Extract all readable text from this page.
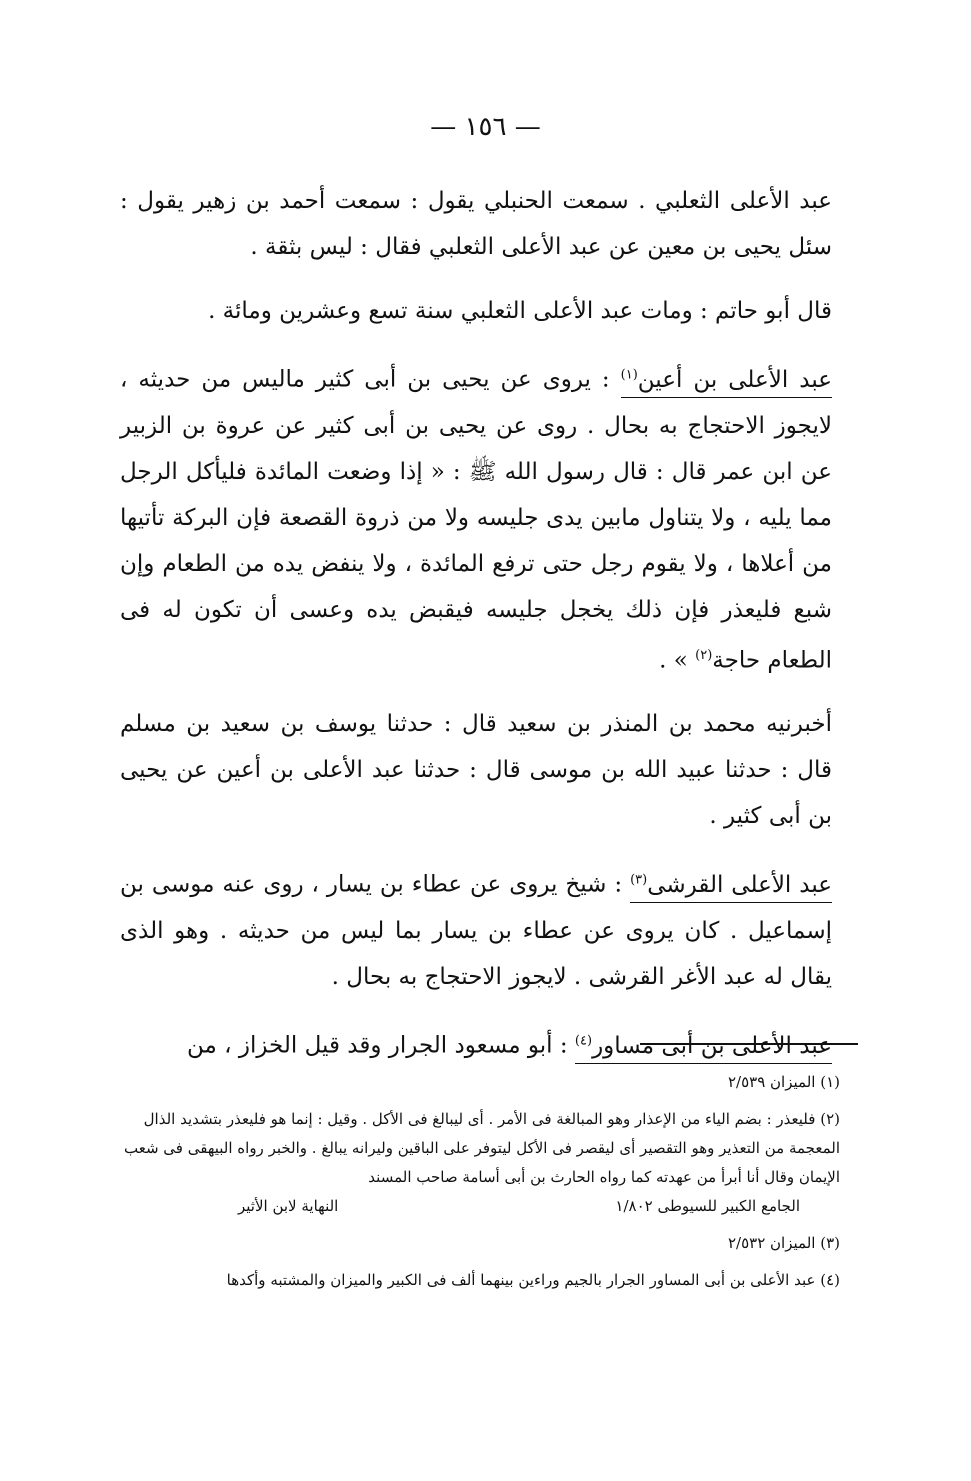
— ١٥٦ —

عبد الأعلى الثعلبي . سمعت الحنبلي يقول : سمعت أحمد بن زهير يقول : سئل يحيى بن معين عن عبد الأعلى الثعلبي فقال : ليس بثقة .

قال أبو حاتم : ومات عبد الأعلى الثعلبي سنة تسع وعشرين ومائة .

عبد الأعلى بن أعين$^{(١)}$ : يروى عن يحيى بن أبى كثير ماليس من حديثه ، لايجوز الاحتجاج به بحال . روى عن يحيى بن أبى كثير عن عروة بن الزبير عن ابن عمر قال : قال رسول الله ﷺ : « إذا وضعت المائدة فليأكل الرجل مما يليه ، ولا يتناول مابين يدى جليسه ولا من ذروة القصعة فإن البركة تأتيها من أعلاها ، ولا يقوم رجل حتى ترفع المائدة ، ولا ينفض يده من الطعام وإن شبع فليعذر فإن ذلك يخجل جليسه فيقبض يده وعسى أن تكون له فى الطعام حاجة$^{(٢)}$ » .

أخبرنيه محمد بن المنذر بن سعيد قال : حدثنا يوسف بن سعيد بن مسلم قال : حدثنا عبيد الله بن موسى قال : حدثنا عبد الأعلى بن أعين عن يحيى بن أبى كثير .

عبد الأعلى القرشى$^{(٣)}$ : شيخ يروى عن عطاء بن يسار ، روى عنه موسى بن إسماعيل . كان يروى عن عطاء بن يسار بما ليس من حديثه . وهو الذى يقال له عبد الأغر القرشى . لايجوز الاحتجاج به بحال .

عبد الأعلى بن أبى مساور$^{(٤)}$ : أبو مسعود الجرار وقد قيل الخزاز ، من

(١) الميزان ٢/٥٣٩

(٢) فليعذر : بضم الياء من الإعذار وهو المبالغة فى الأمر . أى ليبالغ فى الأكل . وقيل : إنما هو فليعذر بتشديد الذال المعجمة من التعذير وهو التقصير أى ليقصر فى الأكل ليتوفر على الباقين وليرانه يبالغ . والخبر رواه البيهقى فى شعب الإيمان وقال أنا أبرأ من عهدته كما رواه الحارث بن أبى أسامة صاحب المسند

الجامع الكبير للسيوطى ١/٨٠٢
النهاية لابن الأثير

(٣) الميزان ٢/٥٣٢

(٤) عبد الأعلى بن أبى المساور الجرار بالجيم وراءين بينهما ألف فى الكبير والميزان والمشتبه وأكدها
